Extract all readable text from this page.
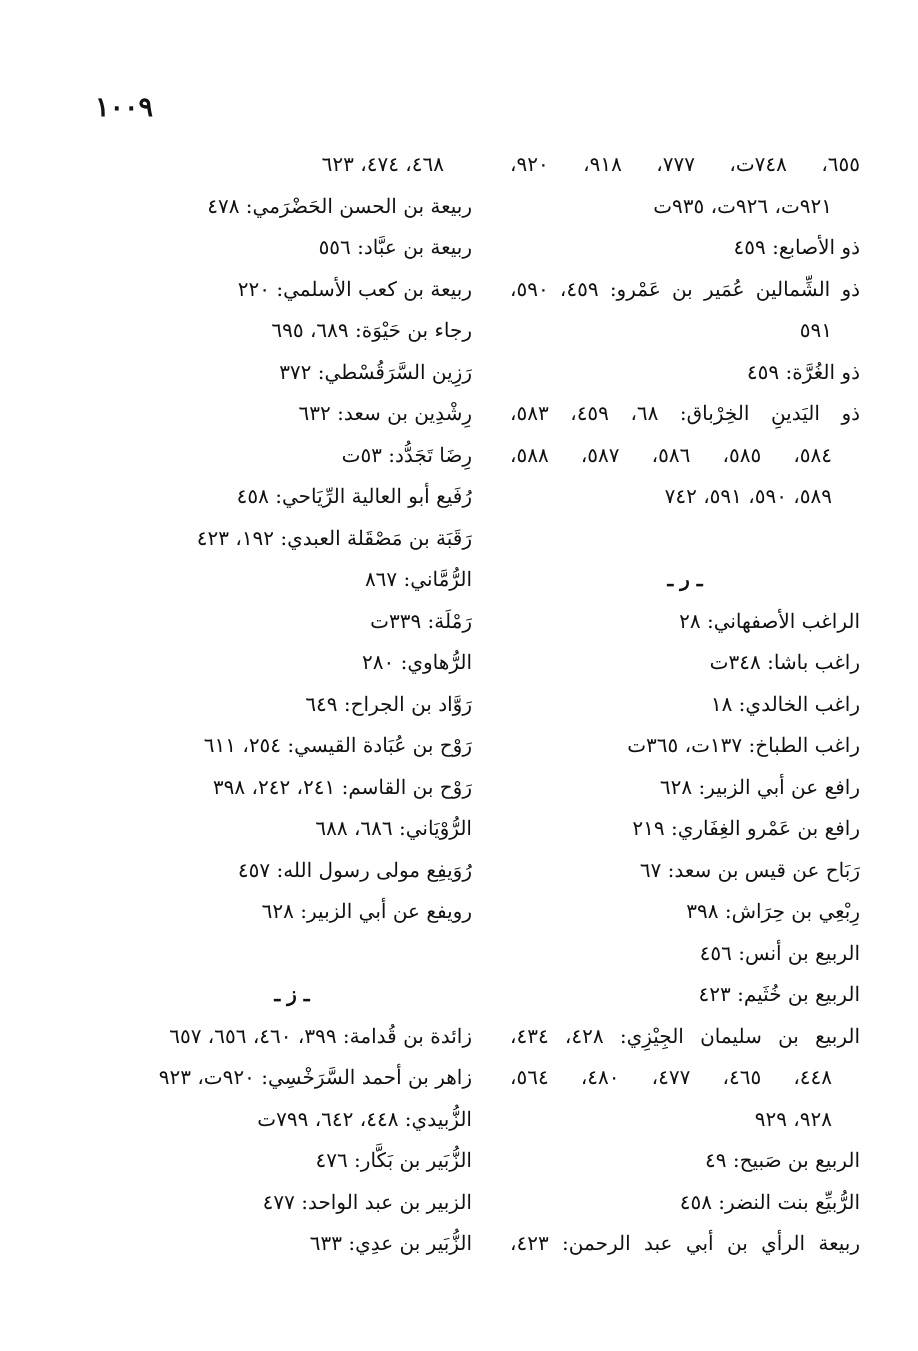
١٠٠٩
٦٥٥، ٧٤٨ت، ٧٧٧، ٩١٨، ٩٢٠،
٩٢١ت، ٩٢٦ت، ٩٣٥ت
ذو الأصابع: ٤٥٩
ذو الشِّمالين عُمَير بن عَمْرو: ٤٥٩، ٥٩٠،
٥٩١
ذو الغُرَّة: ٤٥٩
ذو اليَدينِ الخِرْباق: ٦٨، ٤٥٩، ٥٨٣،
٥٨٤، ٥٨٥، ٥٨٦، ٥٨٧، ٥٨٨،
٥٨٩، ٥٩٠، ٥٩١، ٧٤٢
ـ ر ـ
الراغب الأصفهاني: ٢٨
راغب باشا: ٣٤٨ت
راغب الخالدي: ١٨
راغب الطباخ: ١٣٧ت، ٣٦٥ت
رافع عن أبي الزبير: ٦٢٨
رافع بن عَمْرو الغِفَاري: ٢١٩
رَبَاح عن قيس بن سعد: ٦٧
رِبْعِي بن حِرَاش: ٣٩٨
الربيع بن أنس: ٤٥٦
الربيع بن خُثَيم: ٤٢٣
الربيع بن سليمان الجِيْزِي: ٤٢٨، ٤٣٤،
٤٤٨، ٤٦٥، ٤٧٧، ٤٨٠، ٥٦٤،
٩٢٨، ٩٢٩
الربيع بن صَبيح: ٤٩
الرُّبيِّع بنت النضر: ٤٥٨
ربيعة الرأي بن أبي عبد الرحمن: ٤٢٣،
٤٦٨، ٤٧٤، ٦٢٣
ربيعة بن الحسن الحَضْرَمي: ٤٧٨
ربيعة بن عبَّاد: ٥٥٦
ربيعة بن كعب الأسلمي: ٢٢٠
رجاء بن حَيْوَة: ٦٨٩، ٦٩٥
رَزِين السَّرَقُسْطي: ٣٧٢
رِشْدِين بن سعد: ٦٣٢
رِضَا تَجَدُّد: ٥٣ت
رُفَيع أبو العالية الرِّيَاحي: ٤٥٨
رَقَبَة بن مَصْقَلة العبدي: ١٩٢، ٤٢٣
الرُّمَّاني: ٨٦٧
رَمْلَة: ٣٣٩ت
الرُّهاوي: ٢٨٠
رَوَّاد بن الجراح: ٦٤٩
رَوْح بن عُبَادة القيسي: ٢٥٤، ٦١١
رَوْح بن القاسم: ٢٤١، ٢٤٢، ٣٩٨
الرُّوْيَاني: ٦٨٦، ٦٨٨
رُوَيفِع مولى رسول الله: ٤٥٧
رويفع عن أبي الزبير: ٦٢٨
ـ ز ـ
زائدة بن قُدامة: ٣٩٩، ٤٦٠، ٦٥٦، ٦٥٧
زاهر بن أحمد السَّرَخْسِي: ٩٢٠ت، ٩٢٣
الزُّبيدي: ٤٤٨، ٦٤٢، ٧٩٩ت
الزُّبَير بن بَكَّار: ٤٧٦
الزبير بن عبد الواحد: ٤٧٧
الزُّبَير بن عدِي: ٦٣٣
